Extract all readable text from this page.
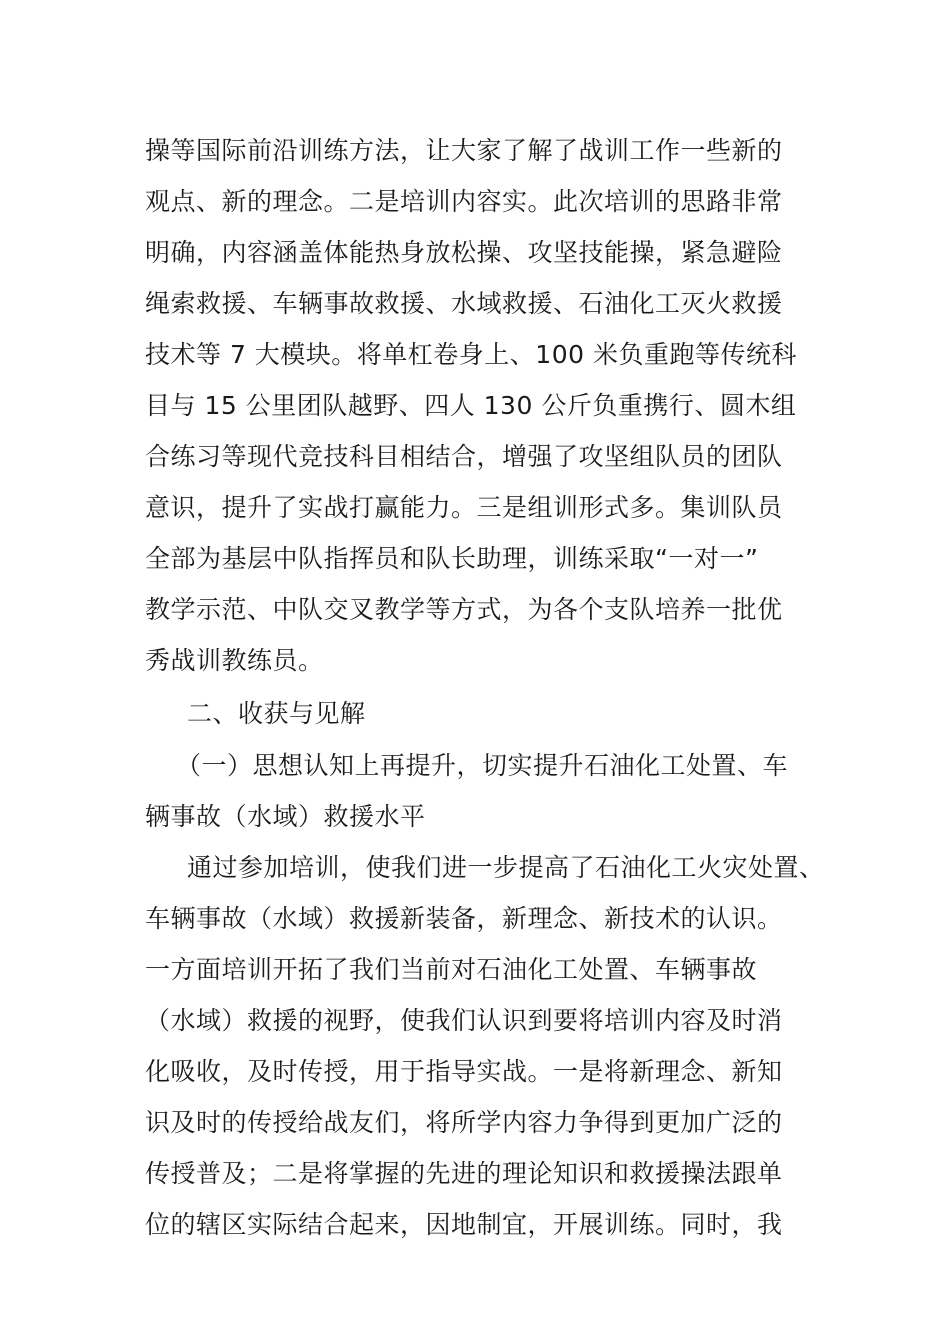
操等国际前沿训练方法，让大家了解了战训工作一些新的
观点、新的理念。二是培训内容实。此次培训的思路非常
明确，内容涵盖体能热身放松操、攻坚技能操，紧急避险
绳索救援、车辆事故救援、水域救援、石油化工灭火救援
技术等 7 大模块。将单杠卷身上、100 米负重跑等传统科
目与 15 公里团队越野、四人 130 公斤负重携行、圆木组
合练习等现代竞技科目相结合，增强了攻坚组队员的团队
意识，提升了实战打赢能力。三是组训形式多。集训队员
全部为基层中队指挥员和队长助理，训练采取“一对一”
教学示范、中队交叉教学等方式，为各个支队培养一批优
秀战训教练员。
二、收获与见解
（一）思想认知上再提升，切实提升石油化工处置、车
辆事故（水域）救援水平
通过参加培训，使我们进一步提高了石油化工火灾处置、
车辆事故（水域）救援新装备，新理念、新技术的认识。
一方面培训开拓了我们当前对石油化工处置、车辆事故
（水域）救援的视野，使我们认识到要将培训内容及时消
化吸收，及时传授，用于指导实战。一是将新理念、新知
识及时的传授给战友们，将所学内容力争得到更加广泛的
传授普及；二是将掌握的先进的理论知识和救援操法跟单
位的辖区实际结合起来，因地制宜，开展训练。同时，我
